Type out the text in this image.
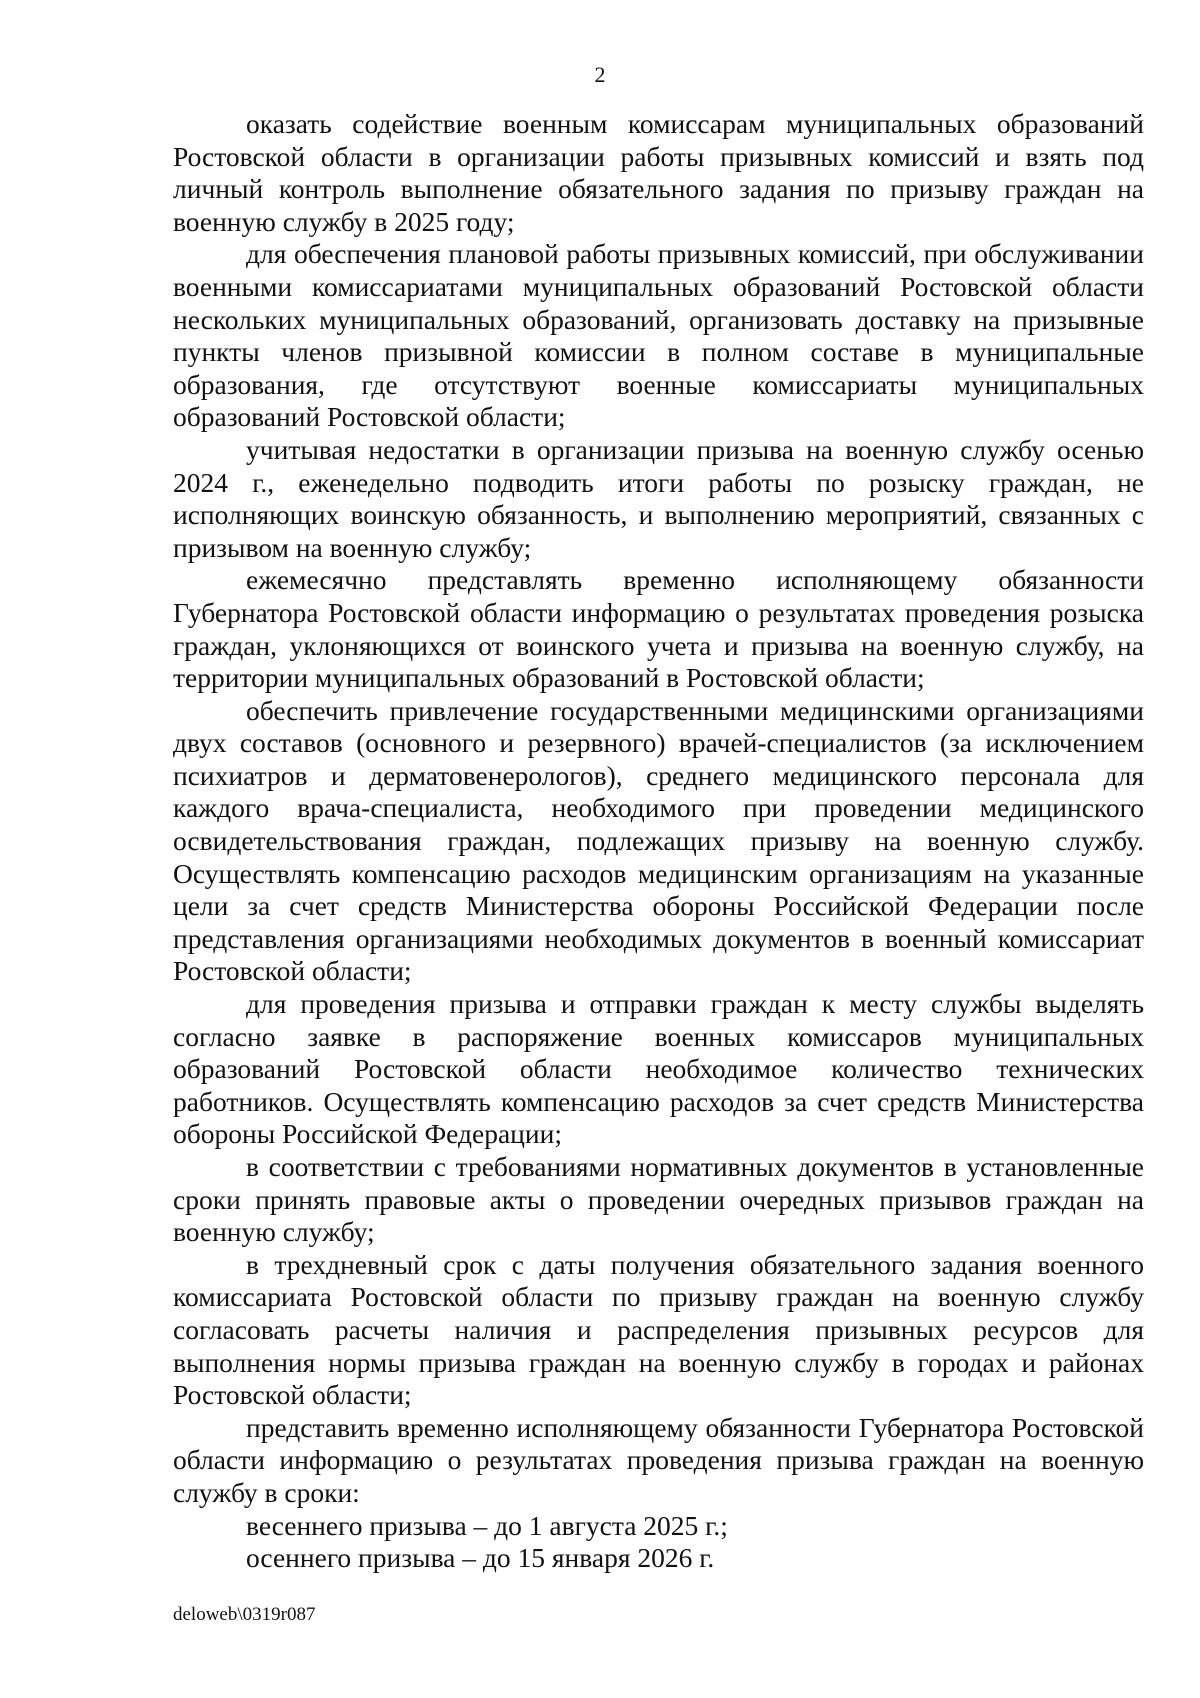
2

оказать содействие военным комиссарам муниципальных образований Ростовской области в организации работы призывных комиссий и взять под личный контроль выполнение обязательного задания по призыву граждан на военную службу в 2025 году;

для обеспечения плановой работы призывных комиссий, при обслуживании военными комиссариатами муниципальных образований Ростовской области нескольких муниципальных образований, организовать доставку на призывные пункты членов призывной комиссии в полном составе в муниципальные образования, где отсутствуют военные комиссариаты муниципальных образований Ростовской области;

учитывая недостатки в организации призыва на военную службу осенью 2024 г., еженедельно подводить итоги работы по розыску граждан, не исполняющих воинскую обязанность, и выполнению мероприятий, связанных с призывом на военную службу;

ежемесячно представлять временно исполняющему обязанности Губернатора Ростовской области информацию о результатах проведения розыска граждан, уклоняющихся от воинского учета и призыва на военную службу, на территории муниципальных образований в Ростовской области;

обеспечить привлечение государственными медицинскими организациями двух составов (основного и резервного) врачей-специалистов (за исключением психиатров и дерматовенерологов), среднего медицинского персонала для каждого врача-специалиста, необходимого при проведении медицинского освидетельствования граждан, подлежащих призыву на военную службу. Осуществлять компенсацию расходов медицинским организациям на указанные цели за счет средств Министерства обороны Российской Федерации после представления организациями необходимых документов в военный комиссариат Ростовской области;

для проведения призыва и отправки граждан к месту службы выделять согласно заявке в распоряжение военных комиссаров муниципальных образований Ростовской области необходимое количество технических работников. Осуществлять компенсацию расходов за счет средств Министерства обороны Российской Федерации;

в соответствии с требованиями нормативных документов в установленные сроки принять правовые акты о проведении очередных призывов граждан на военную службу;

в трехдневный срок с даты получения обязательного задания военного комиссариата Ростовской области по призыву граждан на военную службу согласовать расчеты наличия и распределения призывных ресурсов для выполнения нормы призыва граждан на военную службу в городах и районах Ростовской области;

представить временно исполняющему обязанности Губернатора Ростовской области информацию о результатах проведения призыва граждан на военную службу в сроки:

весеннего призыва – до 1 августа 2025 г.;

осеннего призыва – до 15 января 2026 г.

deloweb\0319r087
